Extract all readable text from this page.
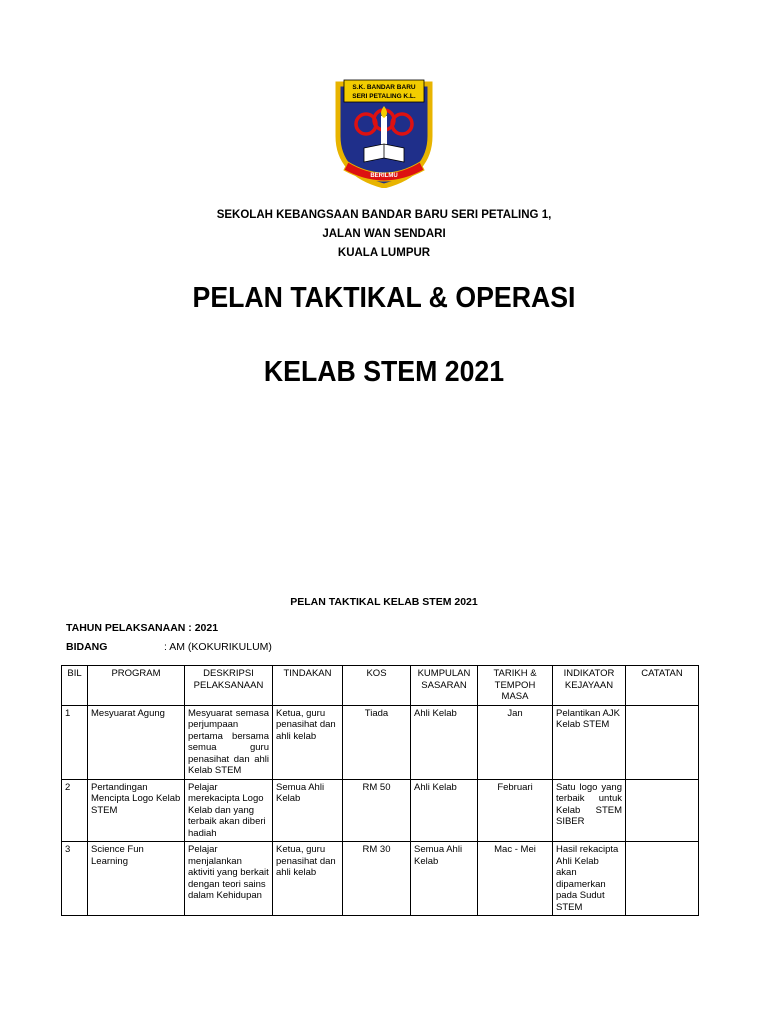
S.K. BANDAR BARU
SERI PETALING K.L.
BERILMU
SEKOLAH KEBANGSAAN BANDAR BARU SERI PETALING 1,
JALAN WAN SENDARI
KUALA LUMPUR
PELAN TAKTIKAL & OPERASI
KELAB STEM 2021
PELAN TAKTIKAL KELAB STEM 2021
TAHUN PELAKSANAAN : 2021
BIDANG	: AM (KOKURIKULUM)
BIL	PROGRAM	DESKRIPSI PELAKSANAAN	TINDAKAN	KOS	KUMPULAN SASARAN	TARIKH & TEMPOH MASA	INDIKATOR KEJAYAAN	CATATAN
1	Mesyuarat Agung	Mesyuarat semasa perjumpaan pertama bersama semua guru penasihat dan ahli Kelab STEM	Ketua, guru penasihat dan ahli kelab	Tiada	Ahli Kelab	Jan	Pelantikan AJK Kelab STEM	
2	Pertandingan Mencipta Logo Kelab STEM	Pelajar merekacipta Logo Kelab dan yang terbaik akan diberi hadiah	Semua Ahli Kelab	RM 50	Ahli Kelab	Februari	Satu logo yang terbaik untuk Kelab STEM SIBER	
3	Science Fun Learning	Pelajar menjalankan aktiviti yang berkait dengan teori sains dalam Kehidupan	Ketua, guru penasihat dan ahli kelab	RM 30	Semua Ahli Kelab	Mac - Mei	Hasil rekacipta Ahli Kelab akan dipamerkan pada Sudut STEM	
